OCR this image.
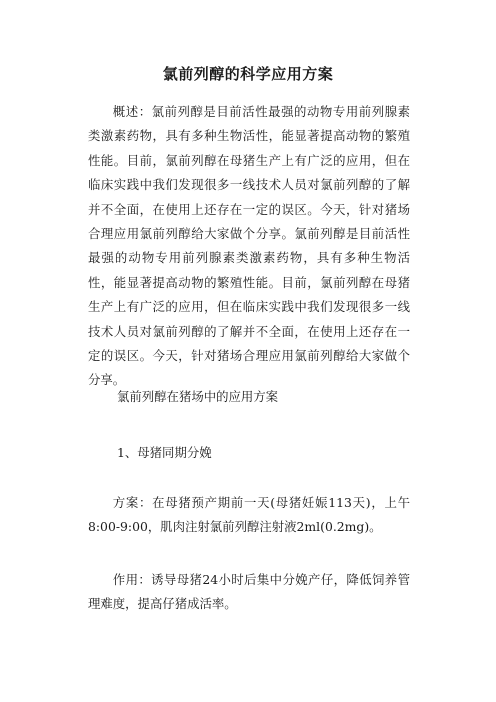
氯前列醇的科学应用方案

概述：氯前列醇是目前活性最强的动物专用前列腺素类激素药物，具有多种生物活性，能显著提高动物的繁殖性能。目前，氯前列醇在母猪生产上有广泛的应用，但在临床实践中我们发现很多一线技术人员对氯前列醇的了解并不全面，在使用上还存在一定的误区。今天，针对猪场合理应用氯前列醇给大家做个分享。氯前列醇是目前活性最强的动物专用前列腺素类激素药物，具有多种生物活性，能显著提高动物的繁殖性能。目前，氯前列醇在母猪生产上有广泛的应用，但在临床实践中我们发现很多一线技术人员对氯前列醇的了解并不全面，在使用上还存在一定的误区。今天，针对猪场合理应用氯前列醇给大家做个分享。

氯前列醇在猪场中的应用方案

1、母猪同期分娩

方案：在母猪预产期前一天(母猪妊娠113天)，上午8:00-9:00，肌肉注射氯前列醇注射液2ml(0.2mg)。

作用：诱导母猪24小时后集中分娩产仔，降低饲养管理难度，提高仔猪成活率。
